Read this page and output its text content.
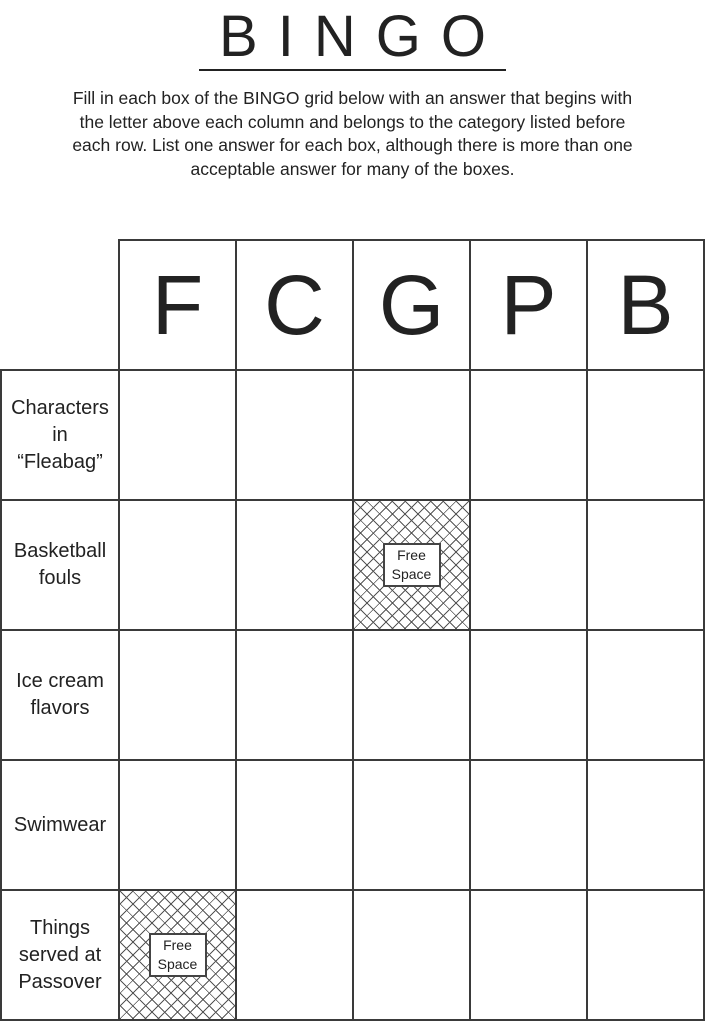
BINGO
Fill in each box of the BINGO grid below with an answer that begins with the letter above each column and belongs to the category listed before each row. List one answer for each box, although there is more than one acceptable answer for many of the boxes.
F C G P B
Characters in “Fleabag”
Basketball fouls
Ice cream flavors
Swimwear
Things served at Passover
Free
Space
Free
Space
